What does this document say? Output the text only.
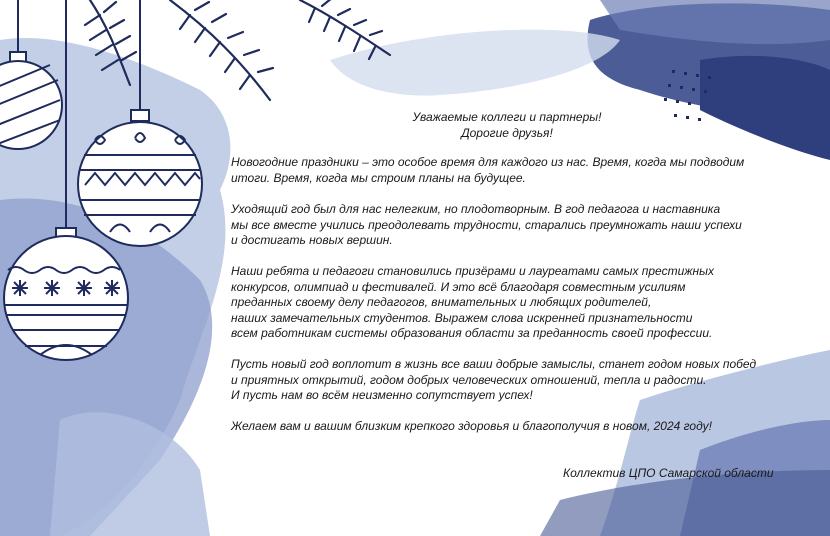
Уважаемые коллеги и партнеры!
Дорогие друзья!
Новогодние праздники – это особое время для каждого из нас. Время, когда мы подводим
итоги. Время, когда мы строим планы на будущее.
Уходящий год был для нас нелегким, но плодотворным. В год педагога и наставника
мы все вместе учились преодолевать трудности, старались преумножать наши успехи
и достигать новых вершин.
Наши ребята и педагоги становились призёрами и лауреатами самых престижных
конкурсов, олимпиад и фестивалей. И это всё благодаря совместным усилиям
преданных своему делу педагогов, внимательных и любящих родителей,
наших замечательных студентов. Выражем слова искренней признательности
всем работникам системы образования области за преданность своей профессии.
Пусть новый год воплотит в жизнь все ваши добрые замыслы, станет годом новых побед
и приятных открытий, годом добрых человеческих отношений, тепла и радости.
И пусть нам во всём неизменно сопутствует успех!
Желаем вам и вашим близким крепкого здоровья и благополучия в новом, 2024 году!
Коллектив ЦПО Самарской области
